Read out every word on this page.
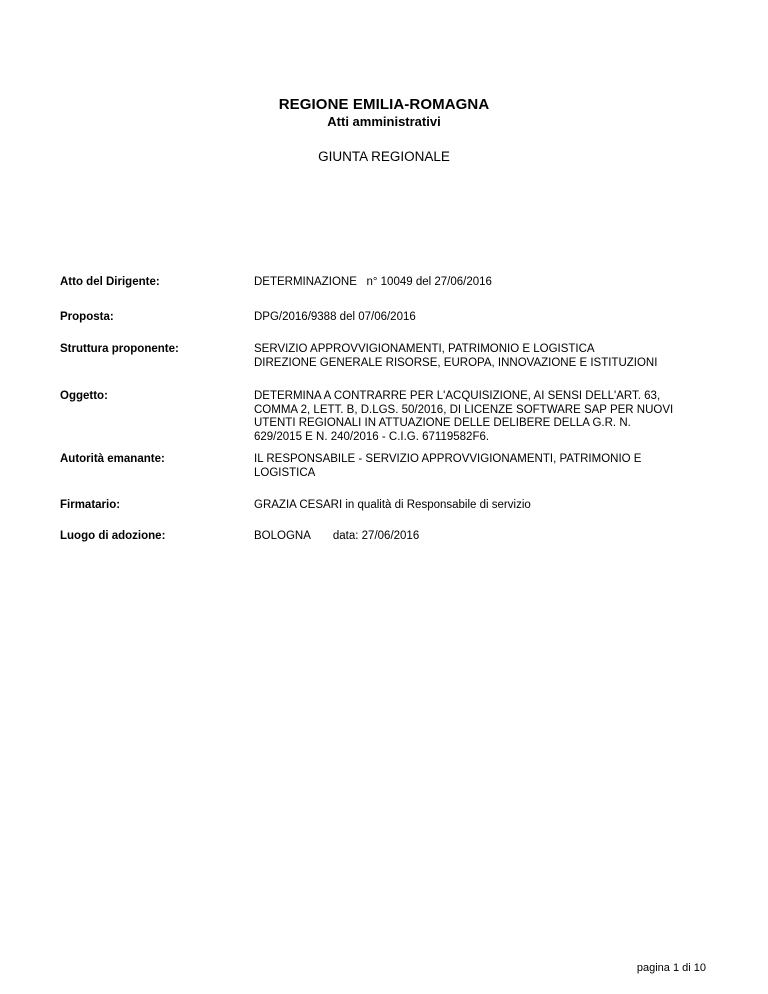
REGIONE EMILIA-ROMAGNA
Atti amministrativi
GIUNTA REGIONALE
Atto del Dirigente:	DETERMINAZIONE n° 10049 del 27/06/2016
Proposta:	DPG/2016/9388 del 07/06/2016
Struttura proponente:	SERVIZIO APPROVVIGIONAMENTI, PATRIMONIO E LOGISTICA
DIREZIONE GENERALE RISORSE, EUROPA, INNOVAZIONE E ISTITUZIONI
Oggetto:	DETERMINA A CONTRARRE PER L'ACQUISIZIONE, AI SENSI DELL'ART. 63,
COMMA 2, LETT. B, D.LGS. 50/2016, DI LICENZE SOFTWARE SAP PER NUOVI
UTENTI REGIONALI IN ATTUAZIONE DELLE DELIBERE DELLA G.R. N.
629/2015 E N. 240/2016 - C.I.G. 67119582F6.
Autorità emanante:	IL RESPONSABILE - SERVIZIO APPROVVIGIONAMENTI, PATRIMONIO E
LOGISTICA
Firmatario:	GRAZIA CESARI in qualità di Responsabile di servizio
Luogo di adozione:	BOLOGNA data: 27/06/2016
pagina 1 di 10
